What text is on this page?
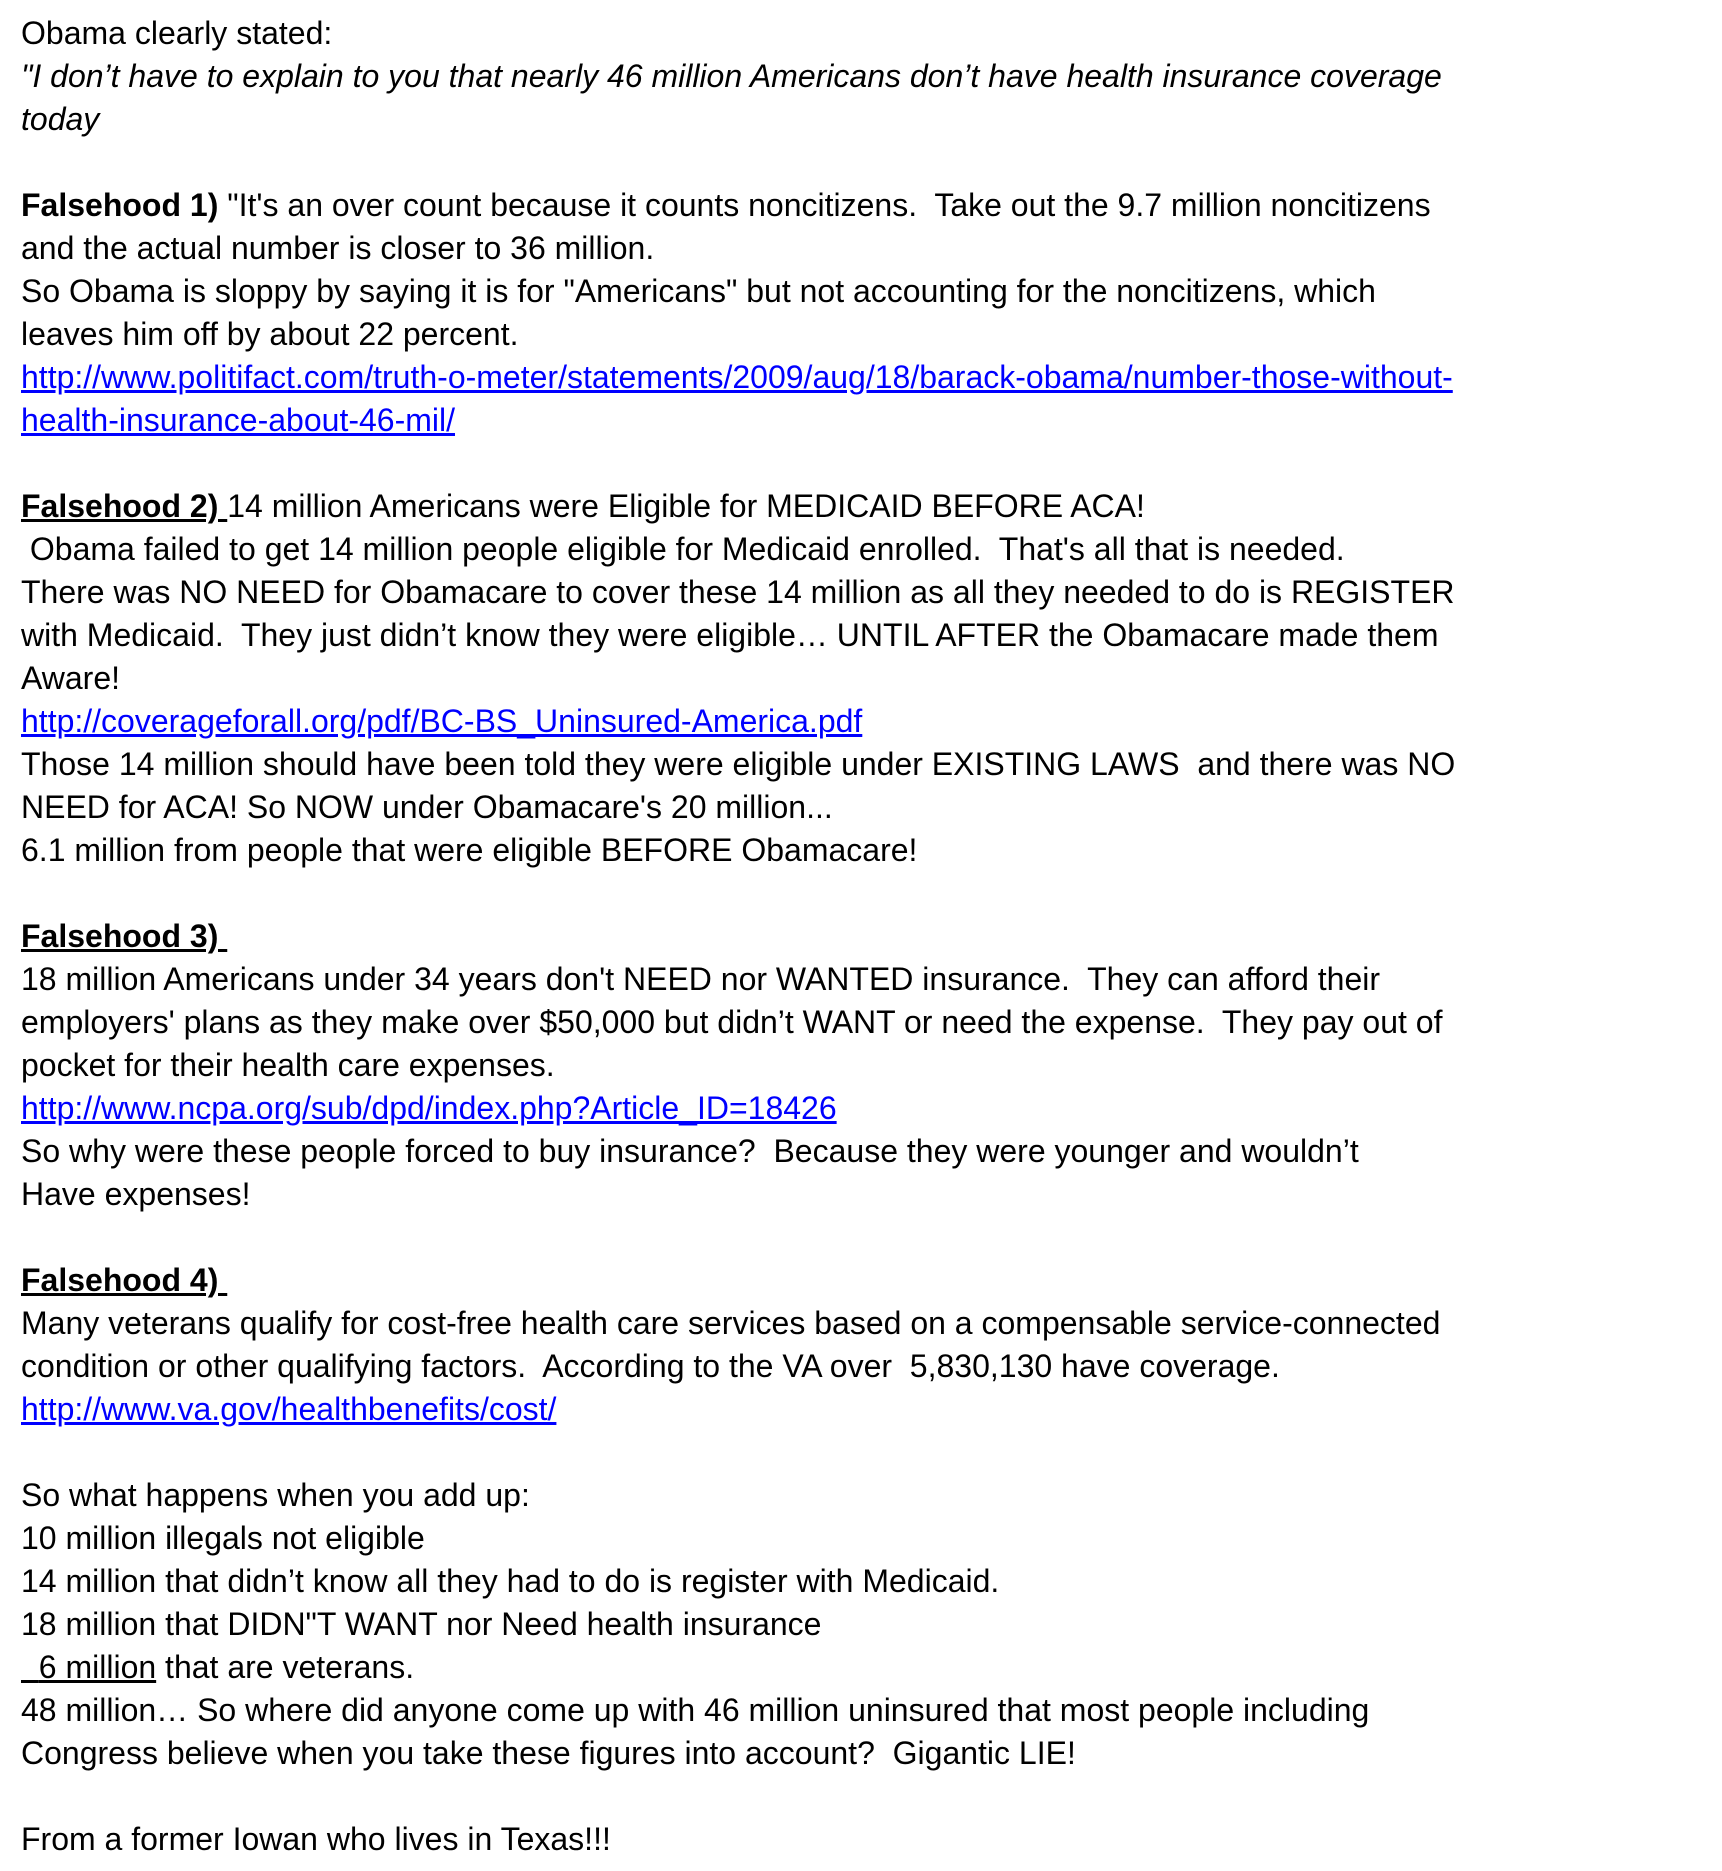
Obama clearly stated:
"I don’t have to explain to you that nearly 46 million Americans don’t have health insurance coverage
today
Falsehood 1) "It's an over count because it counts noncitizens.  Take out the 9.7 million noncitizens
and the actual number is closer to 36 million.
So Obama is sloppy by saying it is for "Americans" but not accounting for the noncitizens, which
leaves him off by about 22 percent.
http://www.politifact.com/truth-o-meter/statements/2009/aug/18/barack-obama/number-those-without-
health-insurance-about-46-mil/
Falsehood 2) 14 million Americans were Eligible for MEDICAID BEFORE ACA!
Obama failed to get 14 million people eligible for Medicaid enrolled.  That's all that is needed.
There was NO NEED for Obamacare to cover these 14 million as all they needed to do is REGISTER
with Medicaid.  They just didn’t know they were eligible… UNTIL AFTER the Obamacare made them
Aware!
http://coverageforall.org/pdf/BC-BS_Uninsured-America.pdf
Those 14 million should have been told they were eligible under EXISTING LAWS  and there was NO
NEED for ACA! So NOW under Obamacare's 20 million...
6.1 million from people that were eligible BEFORE Obamacare!
Falsehood 3)
18 million Americans under 34 years don't NEED nor WANTED insurance.  They can afford their
employers' plans as they make over $50,000 but didn’t WANT or need the expense.  They pay out of
pocket for their health care expenses.
http://www.ncpa.org/sub/dpd/index.php?Article_ID=18426
So why were these people forced to buy insurance?  Because they were younger and wouldn’t
Have expenses!
Falsehood 4)
Many veterans qualify for cost-free health care services based on a compensable service-connected
condition or other qualifying factors.  According to the VA over  5,830,130 have coverage.
http://www.va.gov/healthbenefits/cost/
So what happens when you add up:
10 million illegals not eligible
14 million that didn’t know all they had to do is register with Medicaid.
18 million that DIDN"T WANT nor Need health insurance
6 million that are veterans.
48 million… So where did anyone come up with 46 million uninsured that most people including
Congress believe when you take these figures into account?  Gigantic LIE!
From a former Iowan who lives in Texas!!!
